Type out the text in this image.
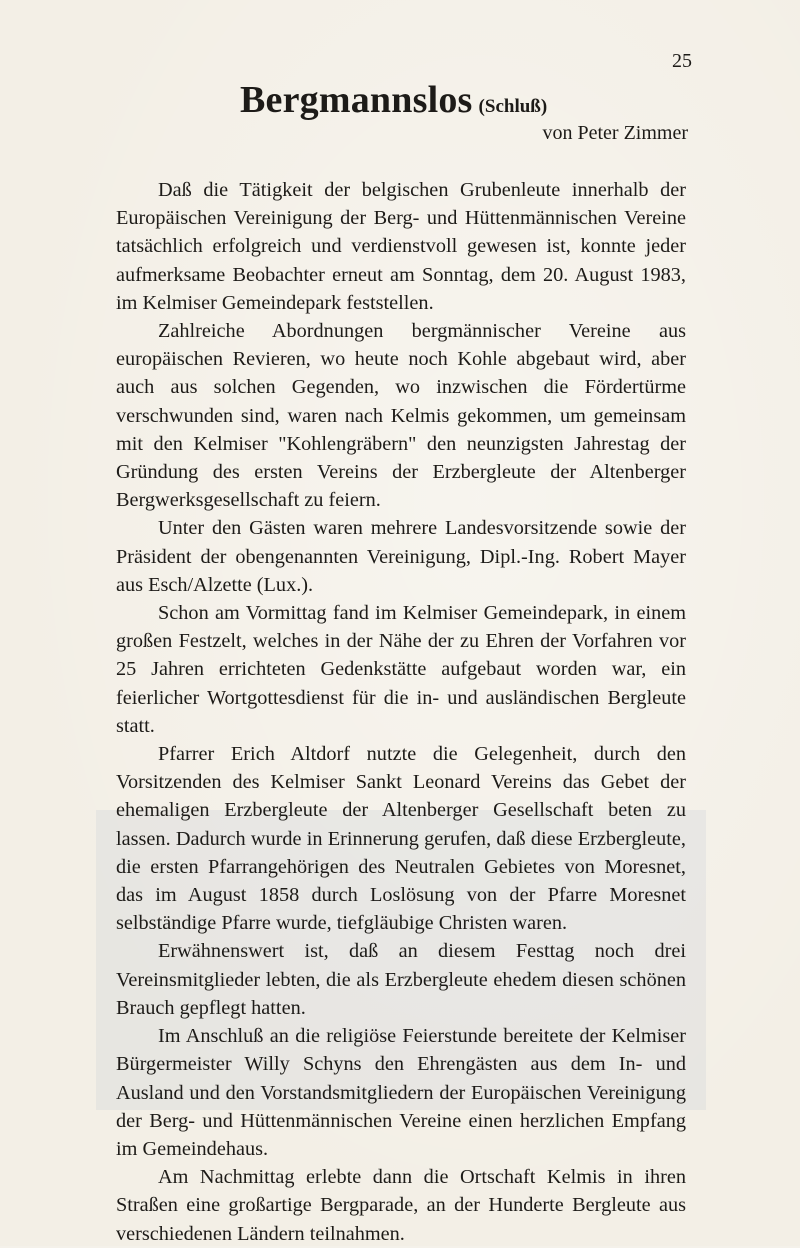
25
Bergmannslos (Schluß)
von Peter Zimmer

Daß die Tätigkeit der belgischen Grubenleute innerhalb der Europäischen Vereinigung der Berg- und Hüttenmännischen Vereine tatsächlich erfolgreich und verdienstvoll gewesen ist, konnte jeder aufmerksame Beobachter erneut am Sonntag, dem 20. August 1983, im Kelmiser Gemeindepark feststellen.

Zahlreiche Abordnungen bergmännischer Vereine aus europäischen Revieren, wo heute noch Kohle abgebaut wird, aber auch aus solchen Gegenden, wo inzwischen die Fördertürme verschwunden sind, waren nach Kelmis gekommen, um gemeinsam mit den Kelmiser "Kohlengräbern" den neunzigsten Jahrestag der Gründung des ersten Vereins der Erzbergleute der Altenberger Bergwerksgesellschaft zu feiern.

Unter den Gästen waren mehrere Landesvorsitzende sowie der Präsident der obengenannten Vereinigung, Dipl.-Ing. Robert Mayer aus Esch/Alzette (Lux.).

Schon am Vormittag fand im Kelmiser Gemeindepark, in einem großen Festzelt, welches in der Nähe der zu Ehren der Vorfahren vor 25 Jahren errichteten Gedenkstätte aufgebaut worden war, ein feierlicher Wortgottesdienst für die in- und ausländischen Bergleute statt.

Pfarrer Erich Altdorf nutzte die Gelegenheit, durch den Vorsitzenden des Kelmiser Sankt Leonard Vereins das Gebet der ehemaligen Erzbergleute der Altenberger Gesellschaft beten zu lassen. Dadurch wurde in Erinnerung gerufen, daß diese Erzbergleute, die ersten Pfarrangehörigen des Neutralen Gebietes von Moresnet, das im August 1858 durch Loslösung von der Pfarre Moresnet selbständige Pfarre wurde, tiefgläubige Christen waren.

Erwähnenswert ist, daß an diesem Festtag noch drei Vereinsmitglieder lebten, die als Erzbergleute ehedem diesen schönen Brauch gepflegt hatten.

Im Anschluß an die religiöse Feierstunde bereitete der Kelmiser Bürgermeister Willy Schyns den Ehrengästen aus dem In- und Ausland und den Vorstandsmitgliedern der Europäischen Vereinigung der Berg- und Hüttenmännischen Vereine einen herzlichen Empfang im Gemeindehaus.

Am Nachmittag erlebte dann die Ortschaft Kelmis in ihren Straßen eine großartige Bergparade, an der Hunderte Bergleute aus verschiedenen Ländern teilnahmen.
